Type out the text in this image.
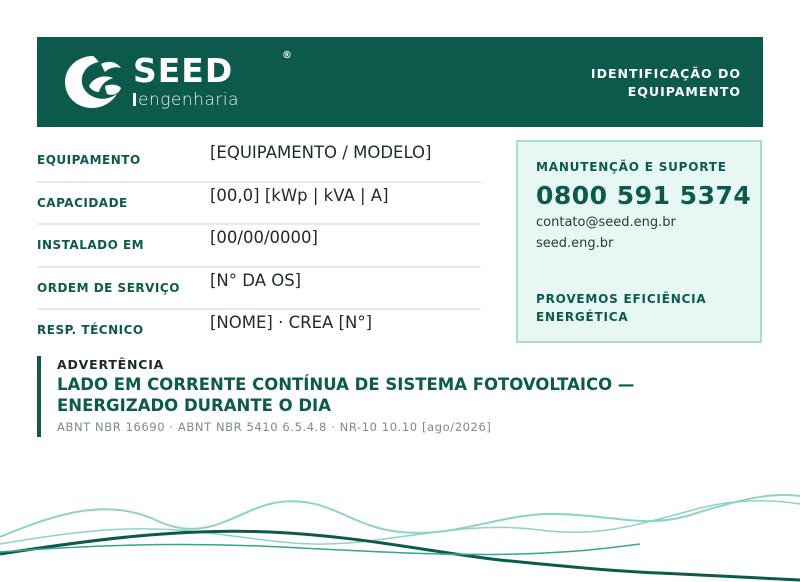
SEED	®
engenharia
IDENTIFICAÇÃO DO
EQUIPAMENTO
EQUIPAMENTO	[EQUIPAMENTO / MODELO]
CAPACIDADE	[00,0] [kWp | kVA | A]
INSTALADO EM	[00/00/0000]
ORDEM DE SERVIÇO	[N° DA OS]
RESP. TÉCNICO	[NOME] · CREA [N°]
MANUTENÇÃO E SUPORTE
0800 591 5374
contato@seed.eng.br
seed.eng.br
PROVEMOS EFICIÊNCIA ENERGÉTICA
ADVERTÊNCIA
LADO EM CORRENTE CONTÍNUA DE SISTEMA FOTOVOLTAICO —
ENERGIZADO DURANTE O DIA
ABNT NBR 16690 · ABNT NBR 5410 6.5.4.8 · NR-10 10.10 [ago/2026]
